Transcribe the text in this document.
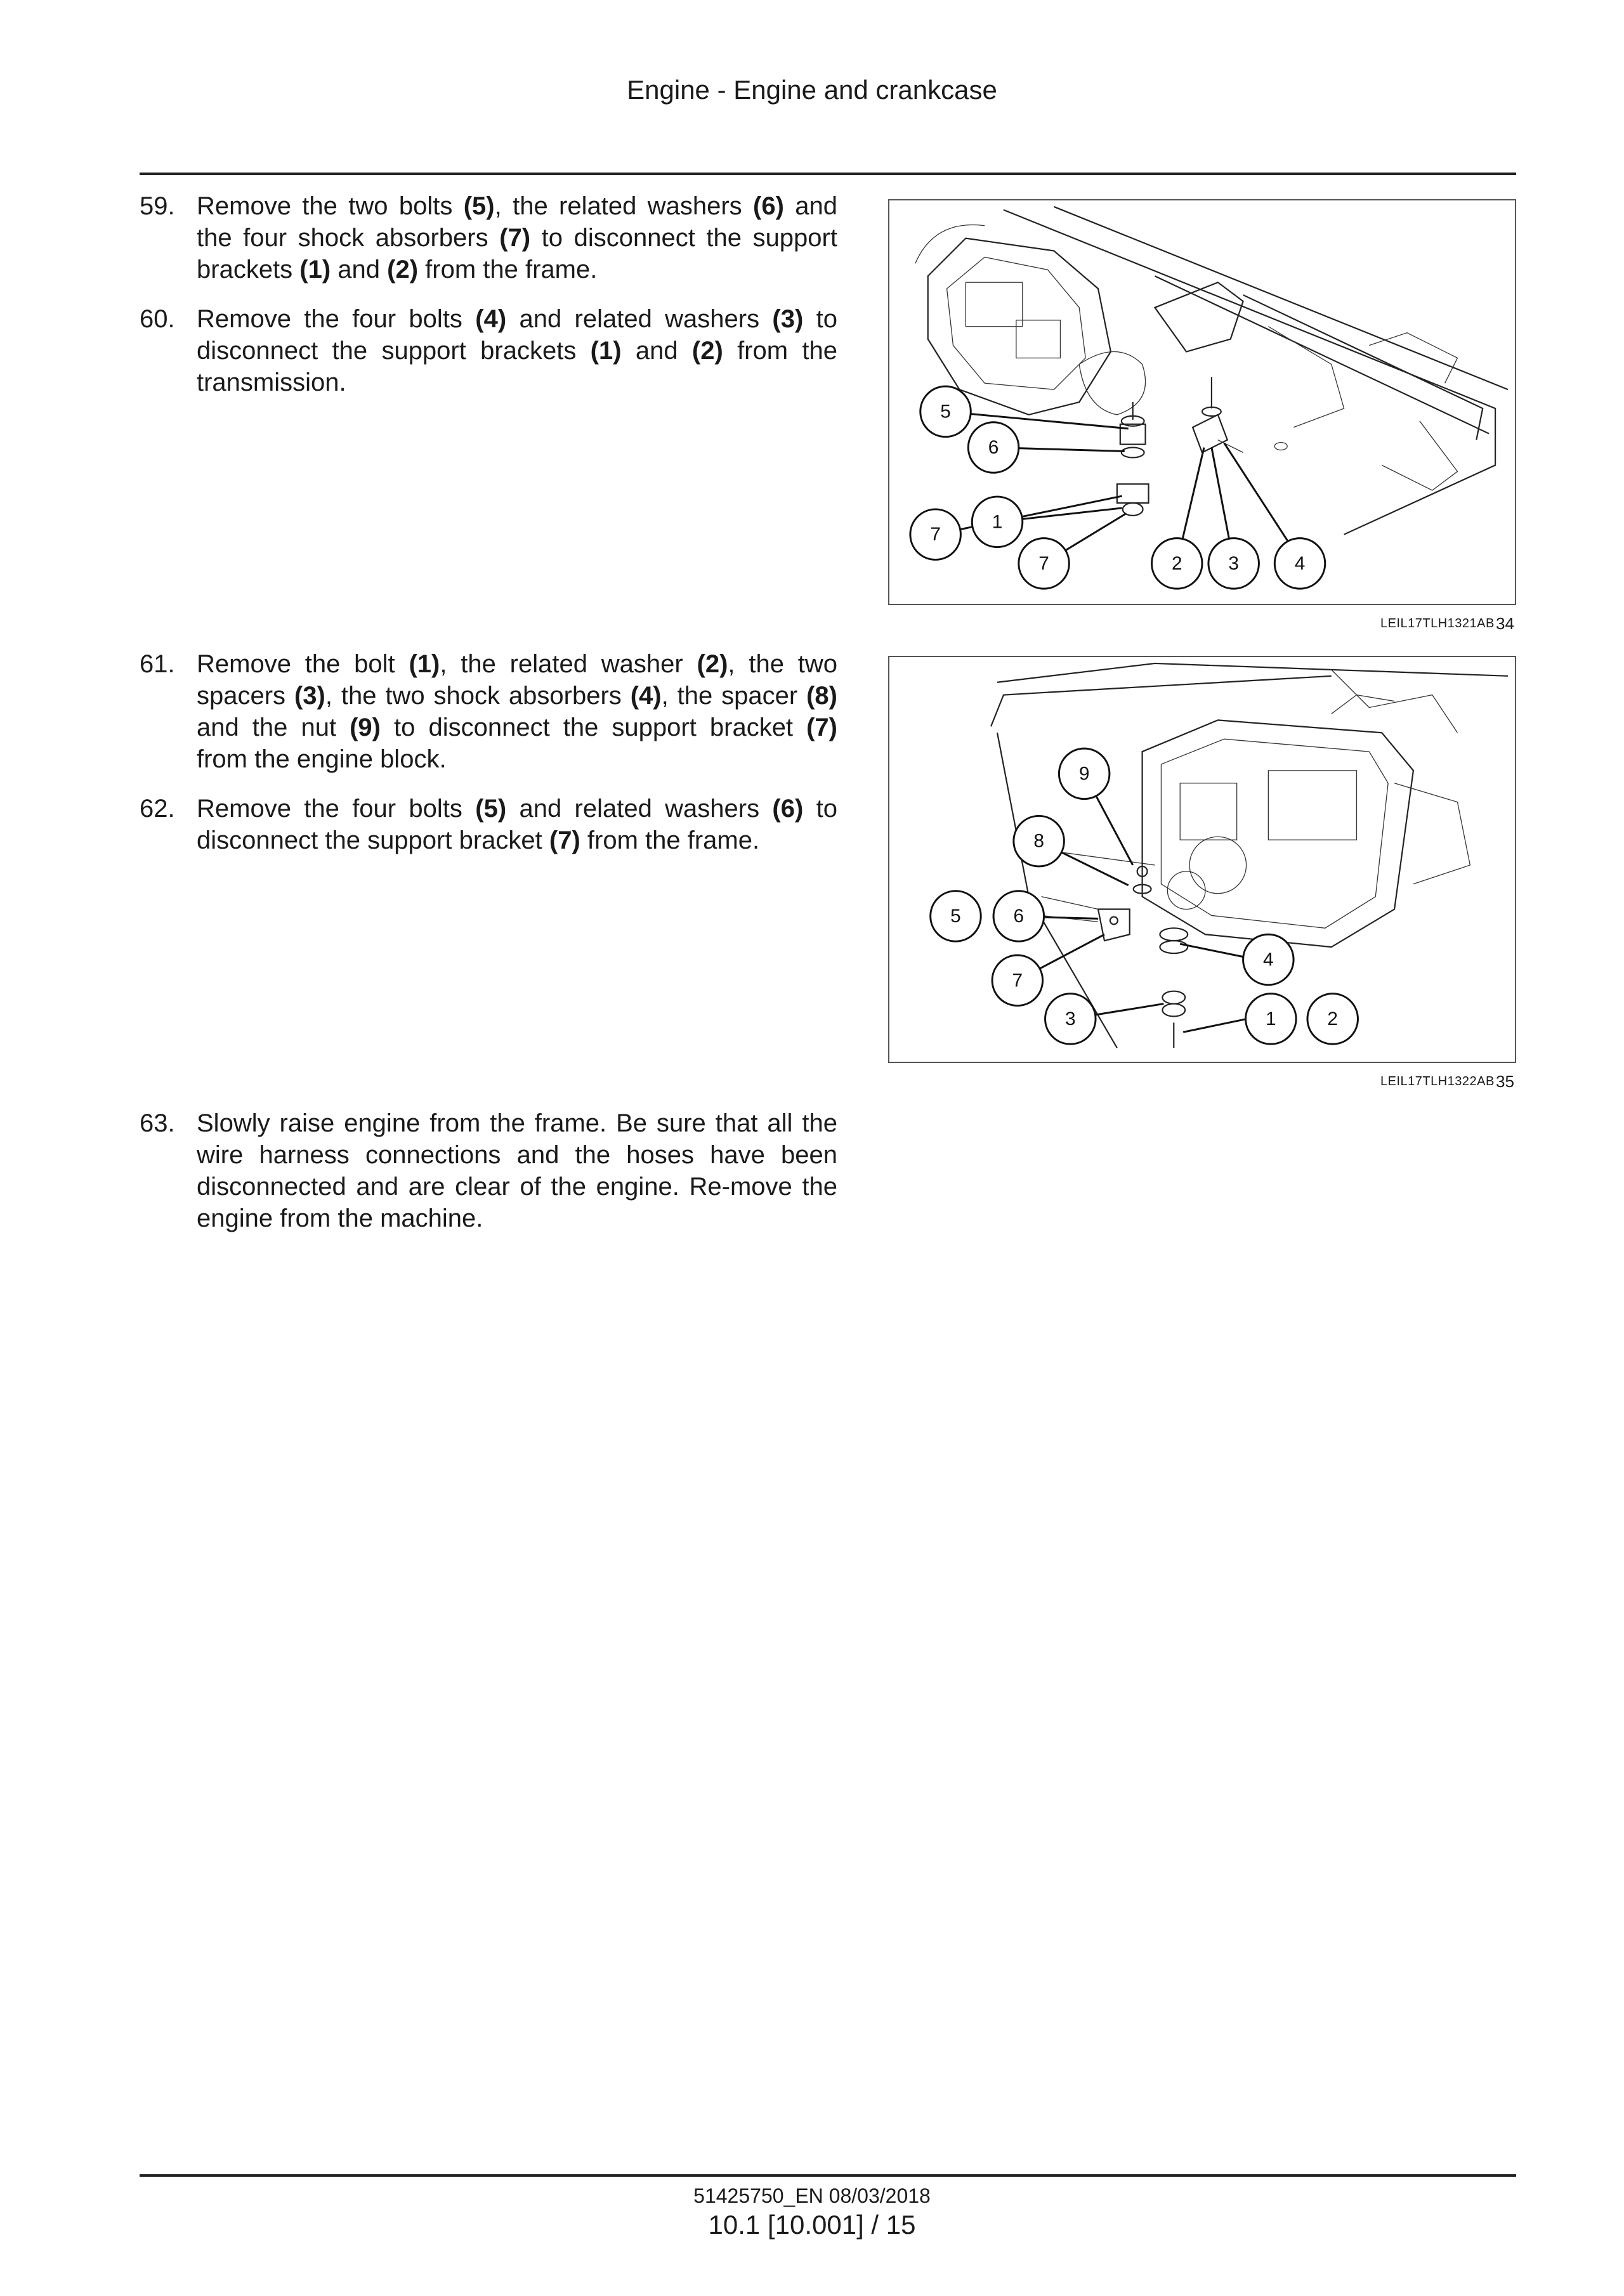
Engine - Engine and crankcase
59. Remove the two bolts (5), the related washers (6) and the four shock absorbers (7) to disconnect the support brackets (1) and (2) from the frame.
60. Remove the four bolts (4) and related washers (3) to disconnect the support brackets (1) and (2) from the transmission.
5
6
7
1
7	2 3	4
LEIL17TLH1321AB 34
61. Remove the bolt (1), the related washer (2), the two spacers (3), the two shock absorbers (4), the spacer (8) and the nut (9) to disconnect the support bracket (7) from the engine block.
62. Remove the four bolts (5) and related washers (6) to disconnect the support bracket (7) from the frame.
9
8
5	6
7
4
3	1	2
LEIL17TLH1322AB 35
63. Slowly raise engine from the frame. Be sure that all the wire harness connections and the hoses have been disconnected and are clear of the engine. Re-move the engine from the machine.
51425750_EN 08/03/2018
10.1 [10.001] / 15
